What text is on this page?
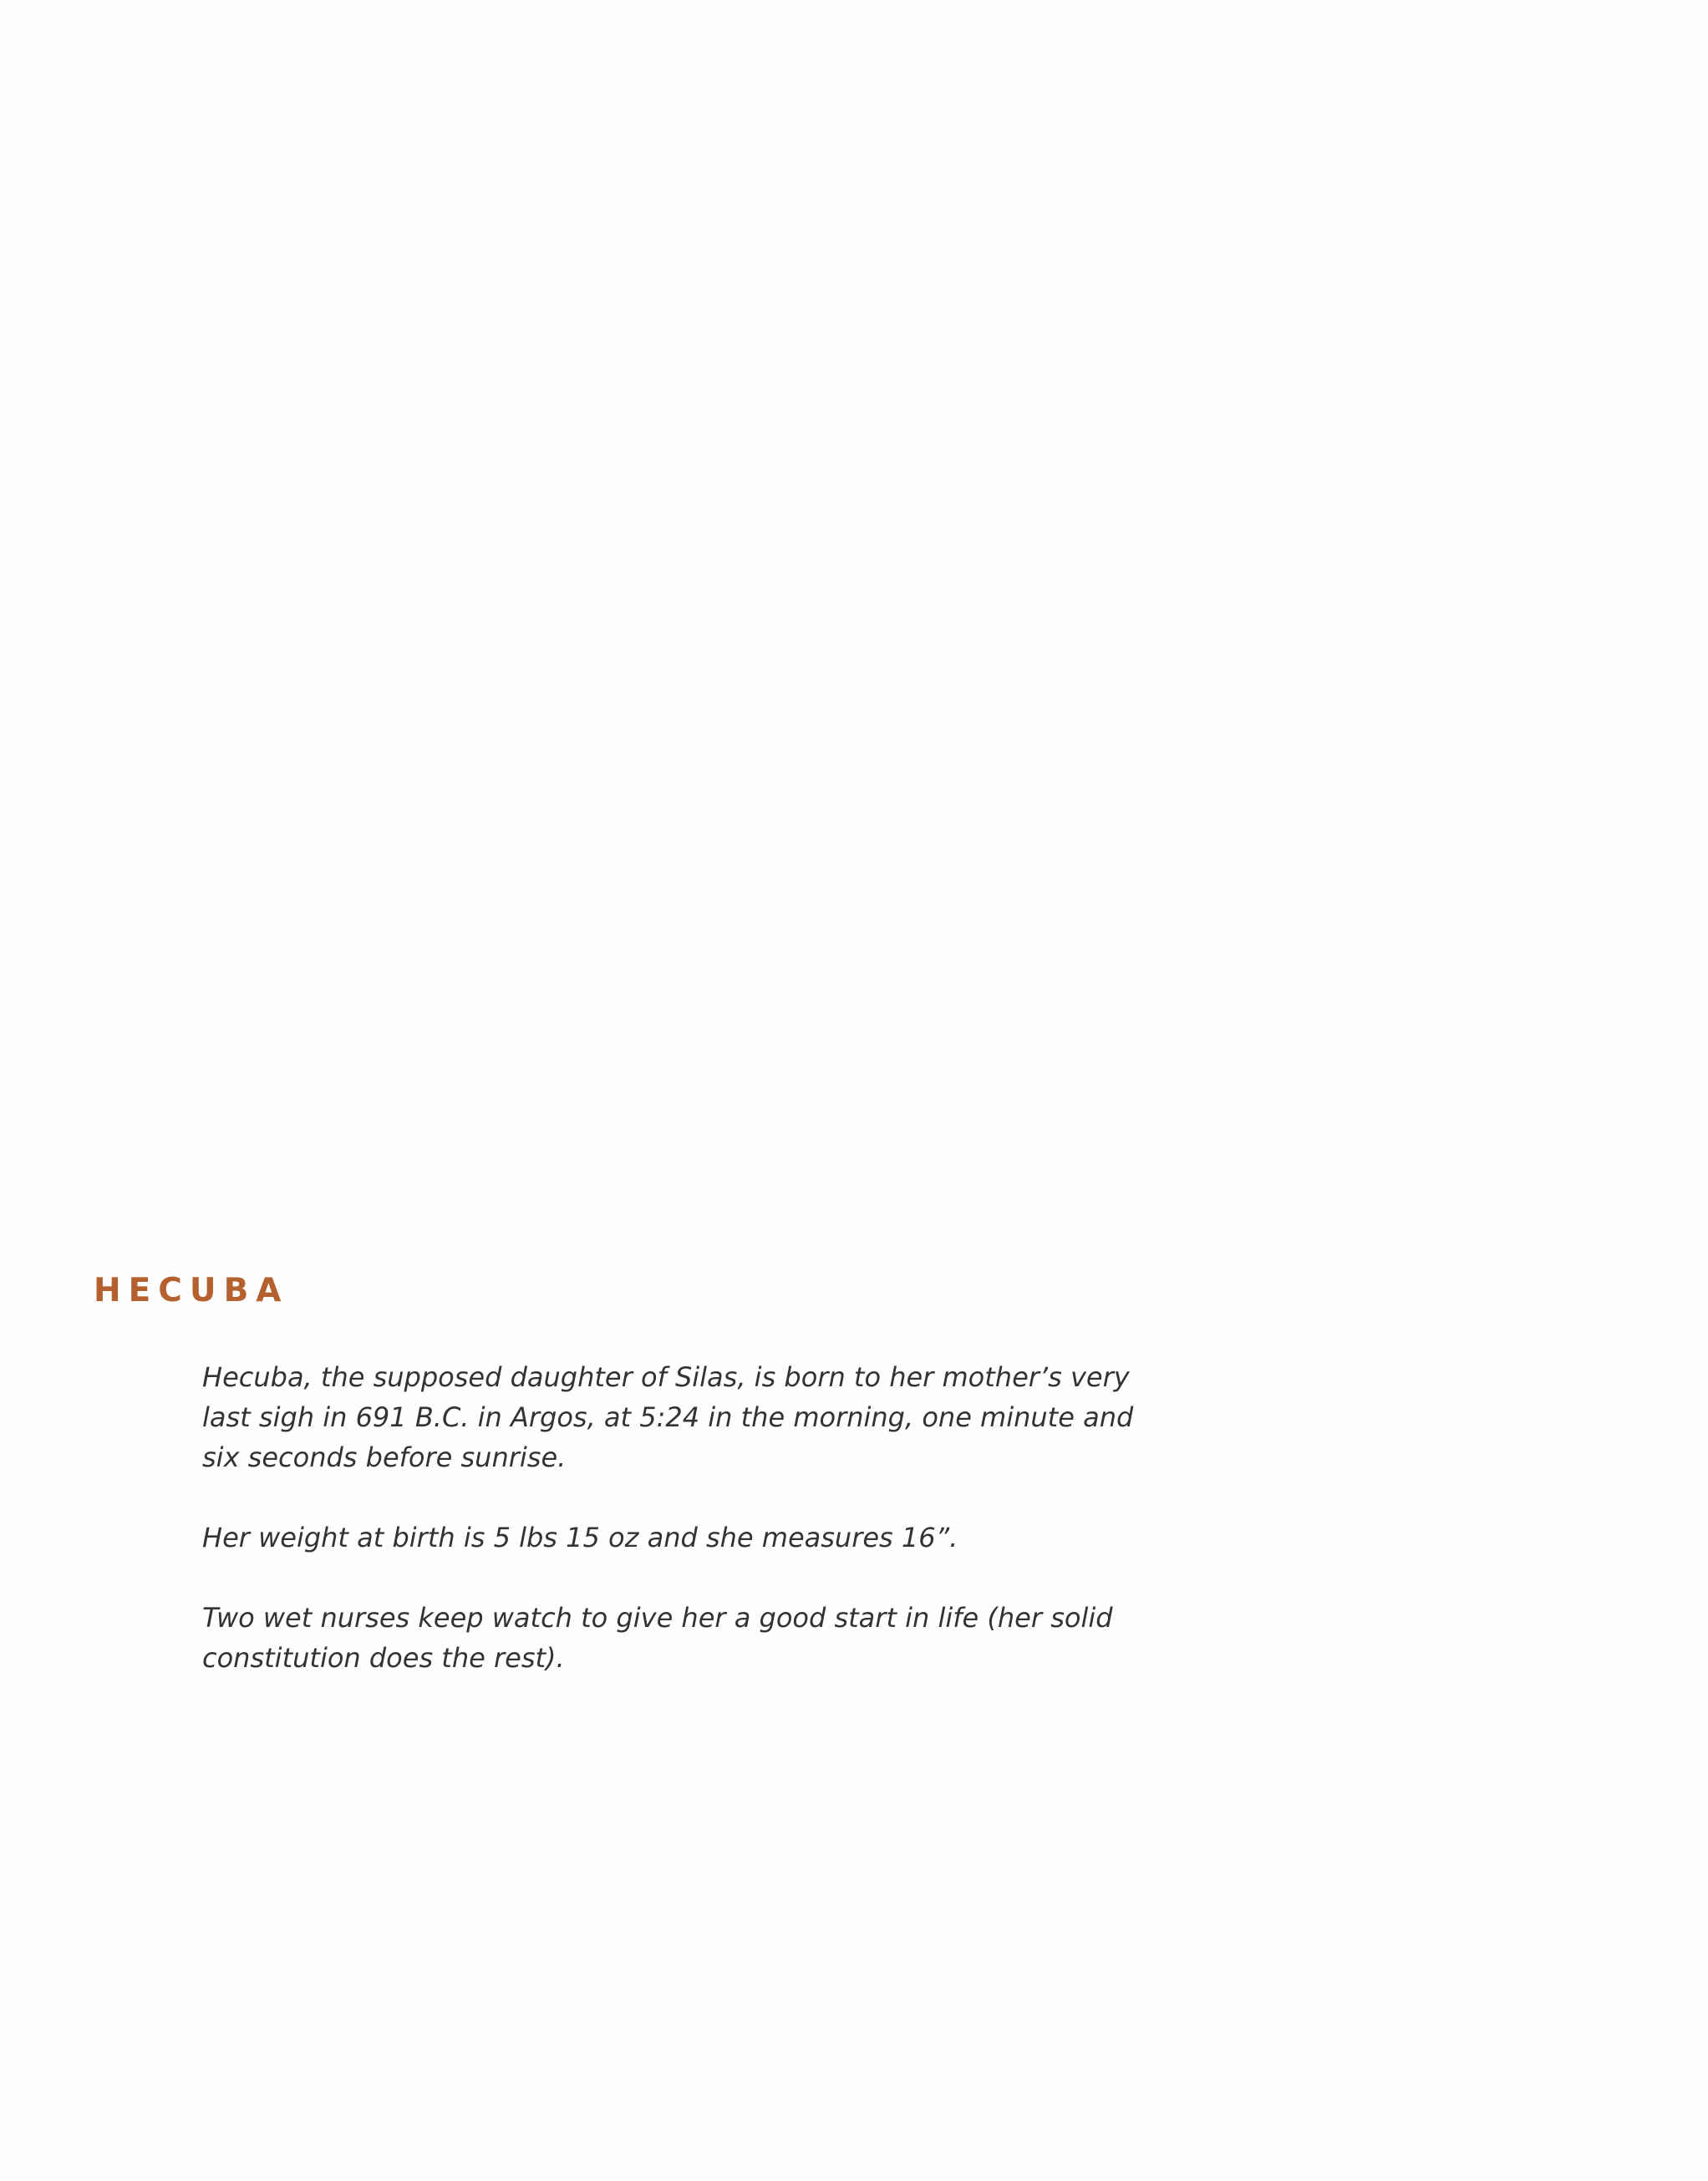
HECUBA

Hecuba, the supposed daughter of Silas, is born to her mother’s very
last sigh in 691 B.C. in Argos, at 5:24 in the morning, one minute and
six seconds before sunrise.

Her weight at birth is 5 lbs 15 oz and she measures 16”.

Two wet nurses keep watch to give her a good start in life (her solid
constitution does the rest).
